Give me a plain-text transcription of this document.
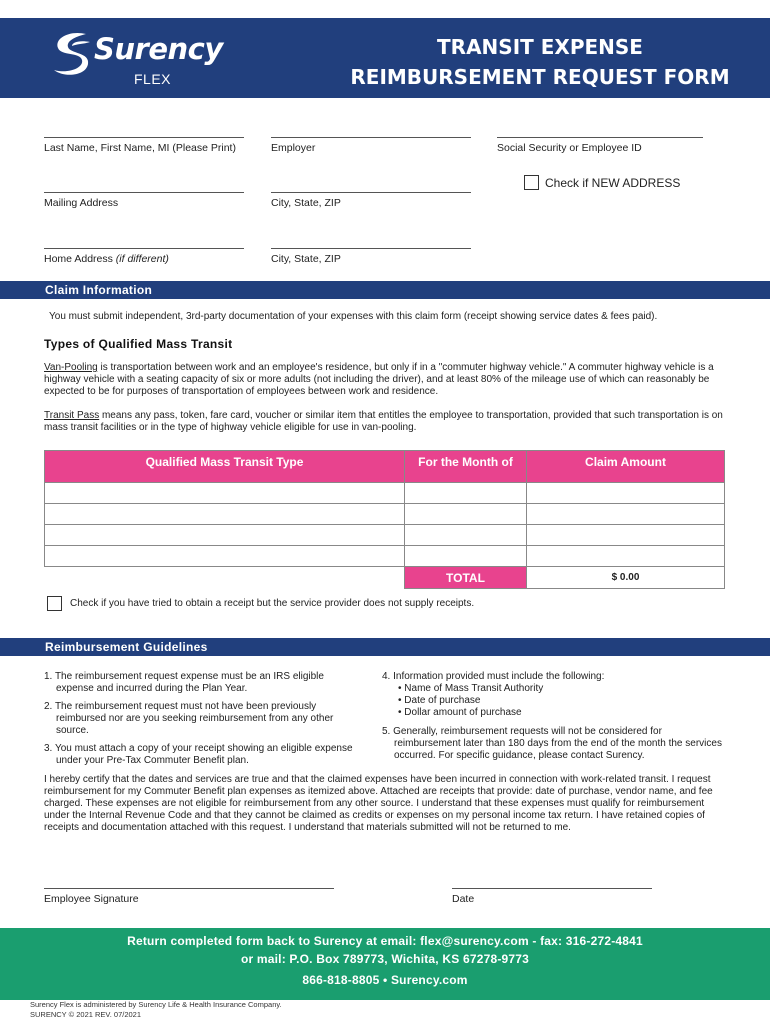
Surency
FLEX
TRANSIT EXPENSE
REIMBURSEMENT REQUEST FORM
Last Name, First Name, MI (Please Print)	Employer	Social Security or Employee ID
Check if NEW ADDRESS
Mailing Address	City, State, ZIP
Home Address (if different)	City, State, ZIP
Claim Information
You must submit independent, 3rd-party documentation of your expenses with this claim form (receipt showing service dates & fees paid).
Types of Qualified Mass Transit
Van-Pooling is transportation between work and an employee's residence, but only if in a "commuter highway vehicle." A commuter highway vehicle is a highway vehicle with a seating capacity of six or more adults (not including the driver), and at least 80% of the mileage use of which can reasonably be expected to be for purposes of transportation of employees between work and residence.
Transit Pass means any pass, token, fare card, voucher or similar item that entitles the employee to transportation, provided that such transportation is on mass transit facilities or in the type of highway vehicle eligible for use in van-pooling.
Qualified Mass Transit Type	For the Month of	Claim Amount

	TOTAL	$ 0.00
Check if you have tried to obtain a receipt but the service provider does not supply receipts.
Reimbursement Guidelines
1. The reimbursement request expense must be an IRS eligible expense and incurred during the Plan Year.
2. The reimbursement request must not have been previously reimbursed nor are you seeking reimbursement from any other source.
3. You must attach a copy of your receipt showing an eligible expense under your Pre-Tax Commuter Benefit plan.
4. Information provided must include the following:
• Name of Mass Transit Authority
• Date of purchase
• Dollar amount of purchase
5. Generally, reimbursement requests will not be considered for reimbursement later than 180 days from the end of the month the services occurred. For specific guidance, please contact Surency.
I hereby certify that the dates and services are true and that the claimed expenses have been incurred in connection with work-related transit. I request reimbursement for my Commuter Benefit plan expenses as itemized above. Attached are receipts that provide: date of purchase, vendor name, and fee charged. These expenses are not eligible for reimbursement from any other source. I understand that these expenses must qualify for reimbursement under the Internal Revenue Code and that they cannot be claimed as credits or expenses on my personal income tax return. I have retained copies of receipts and documentation attached with this request. I understand that materials submitted will not be returned to me.
Employee Signature	Date
Return completed form back to Surency at email: flex@surency.com - fax: 316-272-4841
or mail: P.O. Box 789773, Wichita, KS 67278-9773
866-818-8805 • Surency.com
Surency Flex is administered by Surency Life & Health Insurance Company.
SURENCY © 2021 REV. 07/2021
